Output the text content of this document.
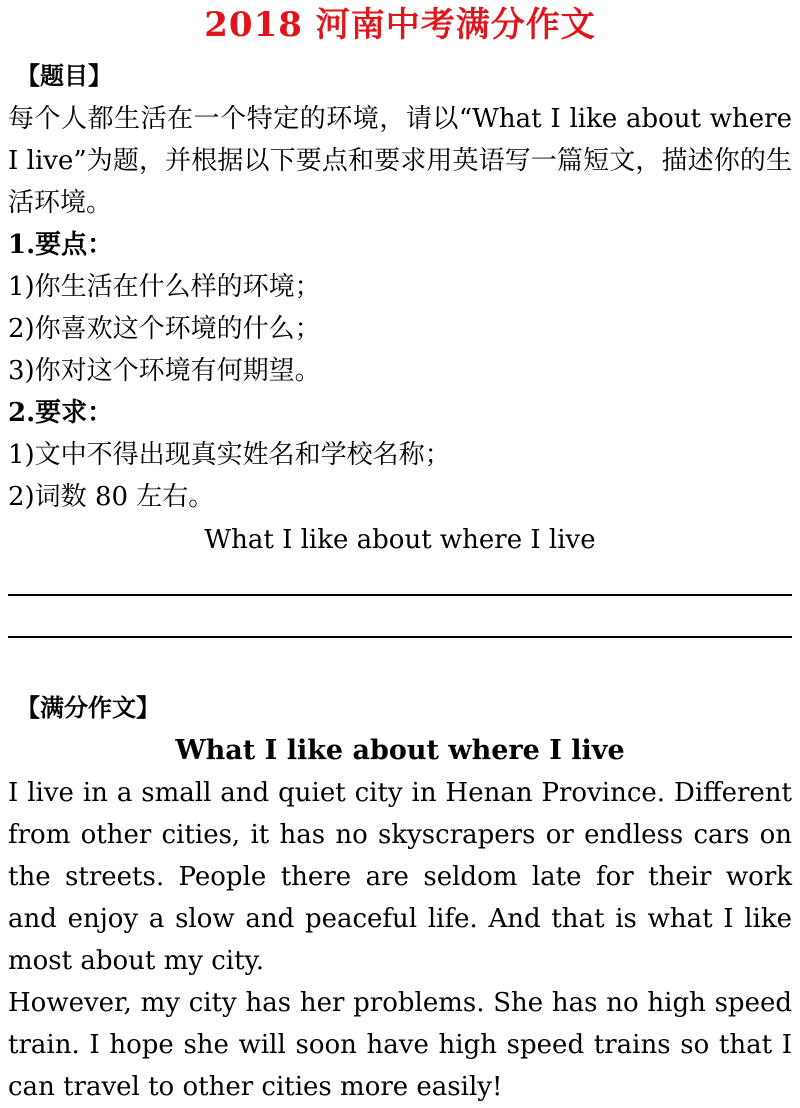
2018 河南中考满分作文
【题目】
每个人都生活在一个特定的环境，请以“What I like about where I live”为题，并根据以下要点和要求用英语写一篇短文，描述你的生活环境。
1.要点：
1)你生活在什么样的环境；
2)你喜欢这个环境的什么；
3)你对这个环境有何期望。
2.要求：
1)文中不得出现真实姓名和学校名称；
2)词数 80 左右。
What I like about where I live
【满分作文】
What I like about where I live

I live in a small and quiet city in Henan Province. Different from other cities, it has no skyscrapers or endless cars on the streets. People there are seldom late for their work and enjoy a slow and peaceful life. And that is what I like most about my city.

However, my city has her problems. She has no high speed train. I hope she will soon have high speed trains so that I can travel to other cities more easily!
